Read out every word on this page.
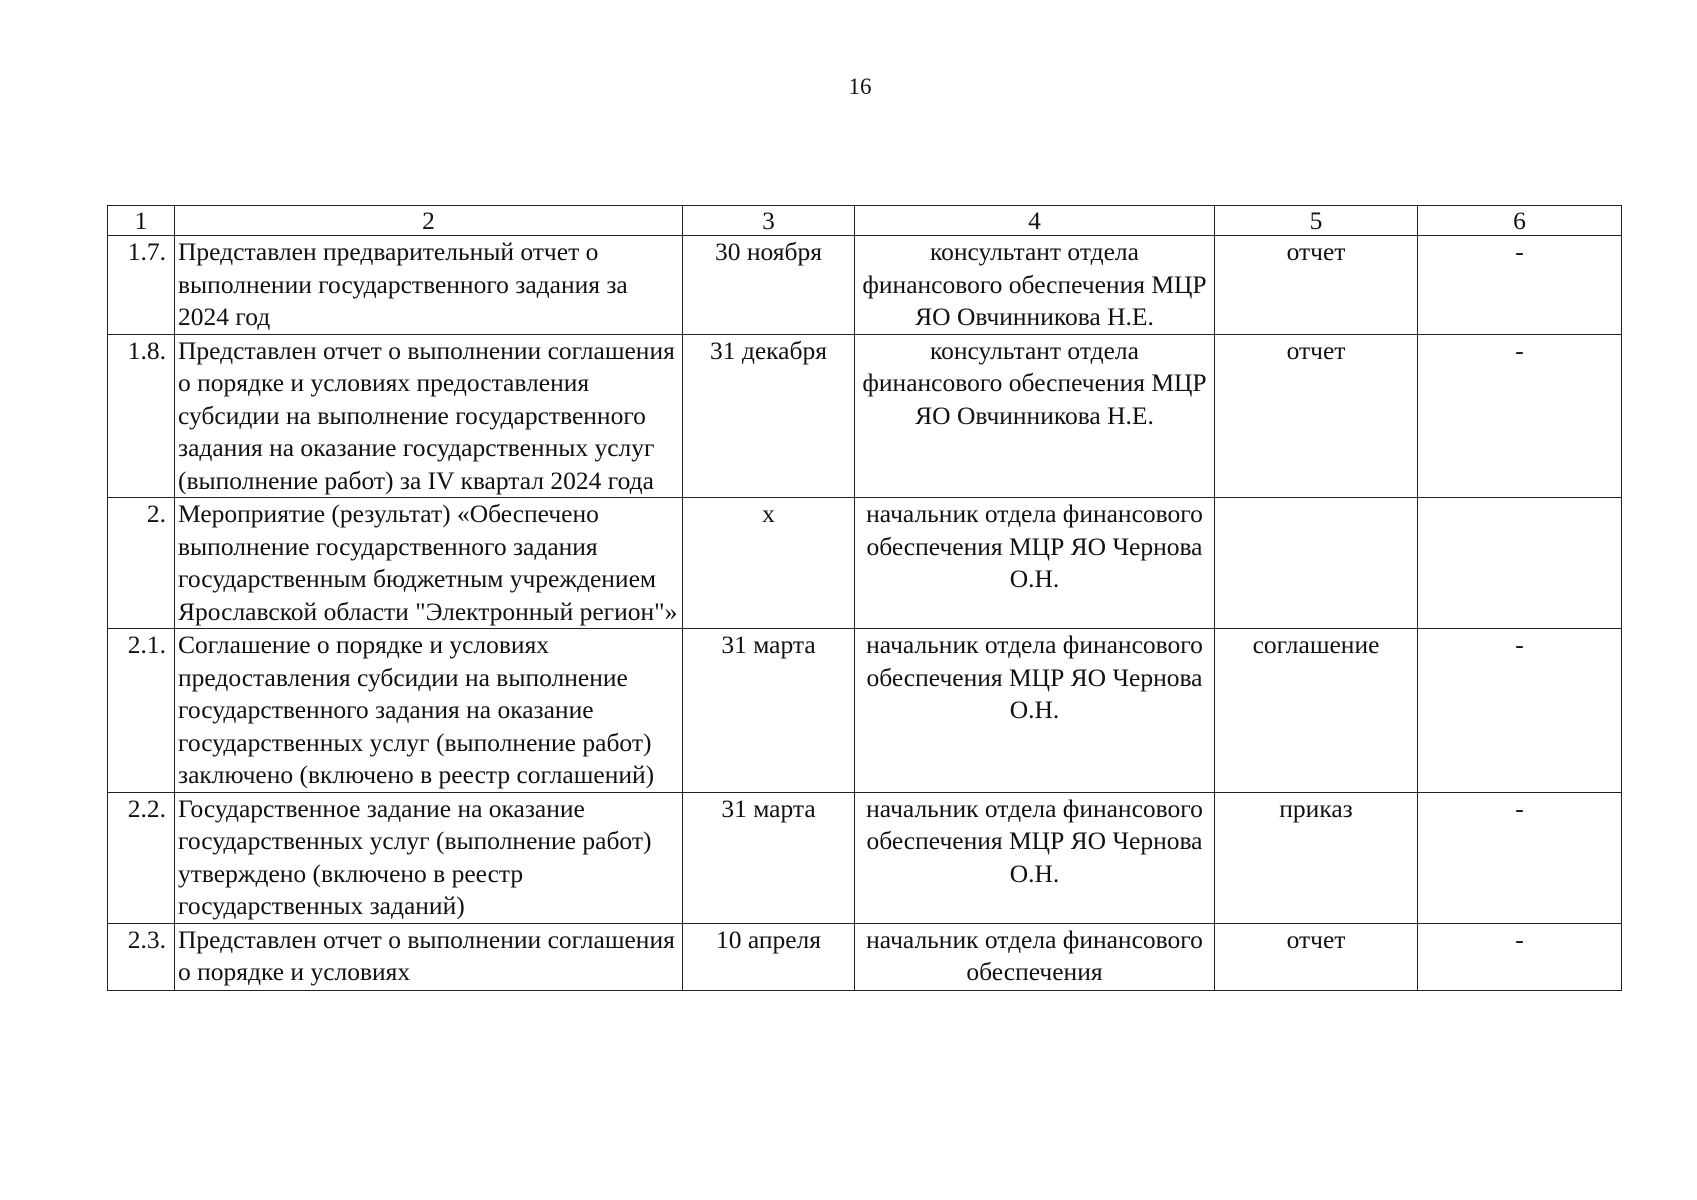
16
1	2	3	4	5	6
1.7.	Представлен предварительный отчет о выполнении государственного задания за 2024 год	30 ноября	консультант отдела финансового обеспечения МЦР ЯО Овчинникова Н.Е.	отчет	-
1.8.	Представлен отчет о выполнении соглашения о порядке и условиях предоставления субсидии на выполнение государственного задания на оказание государственных услуг (выполнение работ) за IV квартал 2024 года	31 декабря	консультант отдела финансового обеспечения МЦР ЯО Овчинникова Н.Е.	отчет	-
2.	Мероприятие (результат) «Обеспечено выполнение государственного задания государственным бюджетным учреждением Ярославской области "Электронный регион"»	x	начальник отдела финансового обеспечения МЦР ЯО Чернова О.Н.		
2.1.	Соглашение о порядке и условиях предоставления субсидии на выполнение государственного задания на оказание государственных услуг (выполнение работ) заключено (включено в реестр соглашений)	31 марта	начальник отдела финансового обеспечения МЦР ЯО Чернова О.Н.	соглашение	-
2.2.	Государственное задание на оказание государственных услуг (выполнение работ) утверждено (включено в реестр государственных заданий)	31 марта	начальник отдела финансового обеспечения МЦР ЯО Чернова О.Н.	приказ	-
2.3.	Представлен отчет о выполнении соглашения о порядке и условиях	10 апреля	начальник отдела финансового обеспечения	отчет	-
